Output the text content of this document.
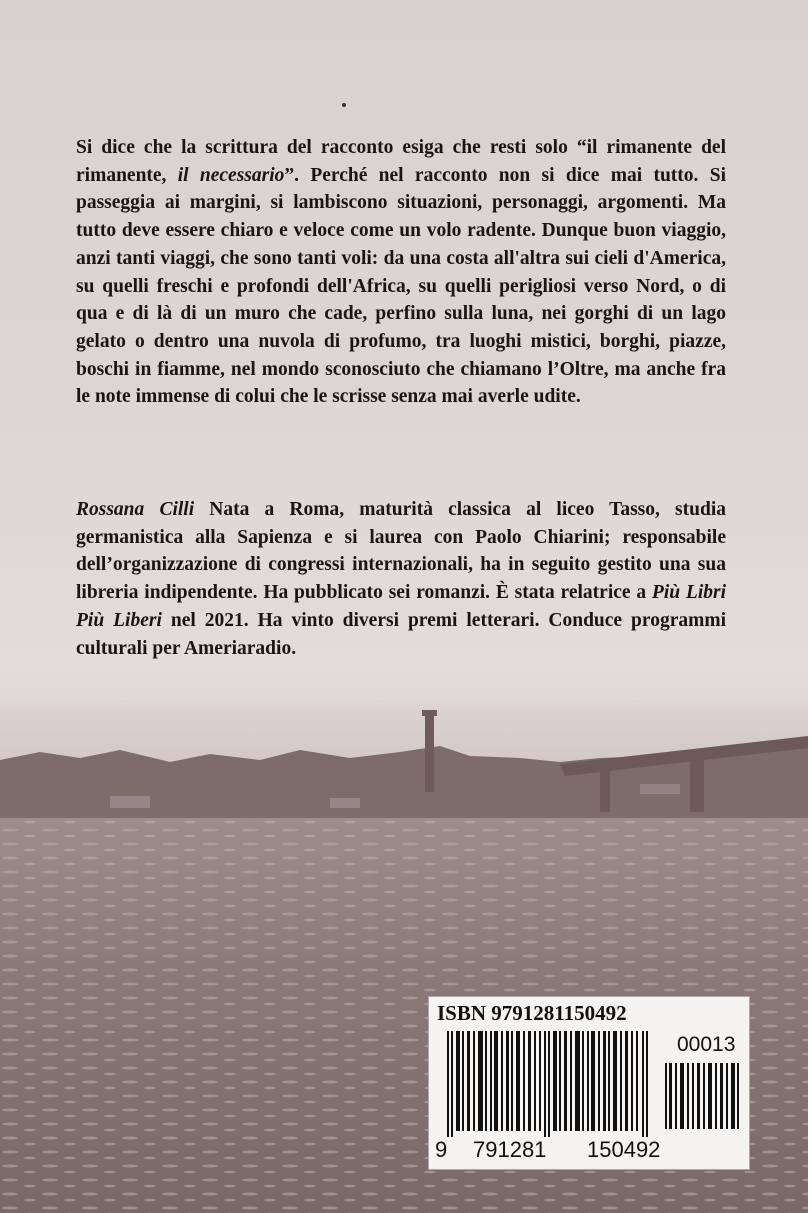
Si dice che la scrittura del racconto esiga che resti solo “il rimanente del rimanente, il necessario”. Perché nel racconto non si dice mai tutto. Si passeggia ai margini, si lambiscono situazioni, personaggi, argomenti. Ma tutto deve essere chiaro e veloce come un volo radente. Dunque buon viaggio, anzi tanti viaggi, che sono tanti voli: da una costa all'altra sui cieli d'America, su quelli freschi e profondi dell'Africa, su quelli perigliosi verso Nord, o di qua e di là di un muro che cade, perfino sulla luna, nei gorghi di un lago gelato o dentro una nuvola di profumo, tra luoghi mistici, borghi, piazze, boschi in fiamme, nel mondo sconosciuto che chiamano l’Oltre, ma anche fra le note immense di colui che le scrisse senza mai averle udite.
Rossana Cilli Nata a Roma, maturità classica al liceo Tasso, studia germanistica alla Sapienza e si laurea con Paolo Chiarini; responsabile dell’organizzazione di congressi internazionali, ha in seguito gestito una sua libreria indipendente. Ha pubblicato sei romanzi. È stata relatrice a Più Libri Più Liberi nel 2021. Ha vinto diversi premi letterari. Conduce programmi culturali per Ameriaradio.
ISBN 9791281150492
00013
9 791281 150492
